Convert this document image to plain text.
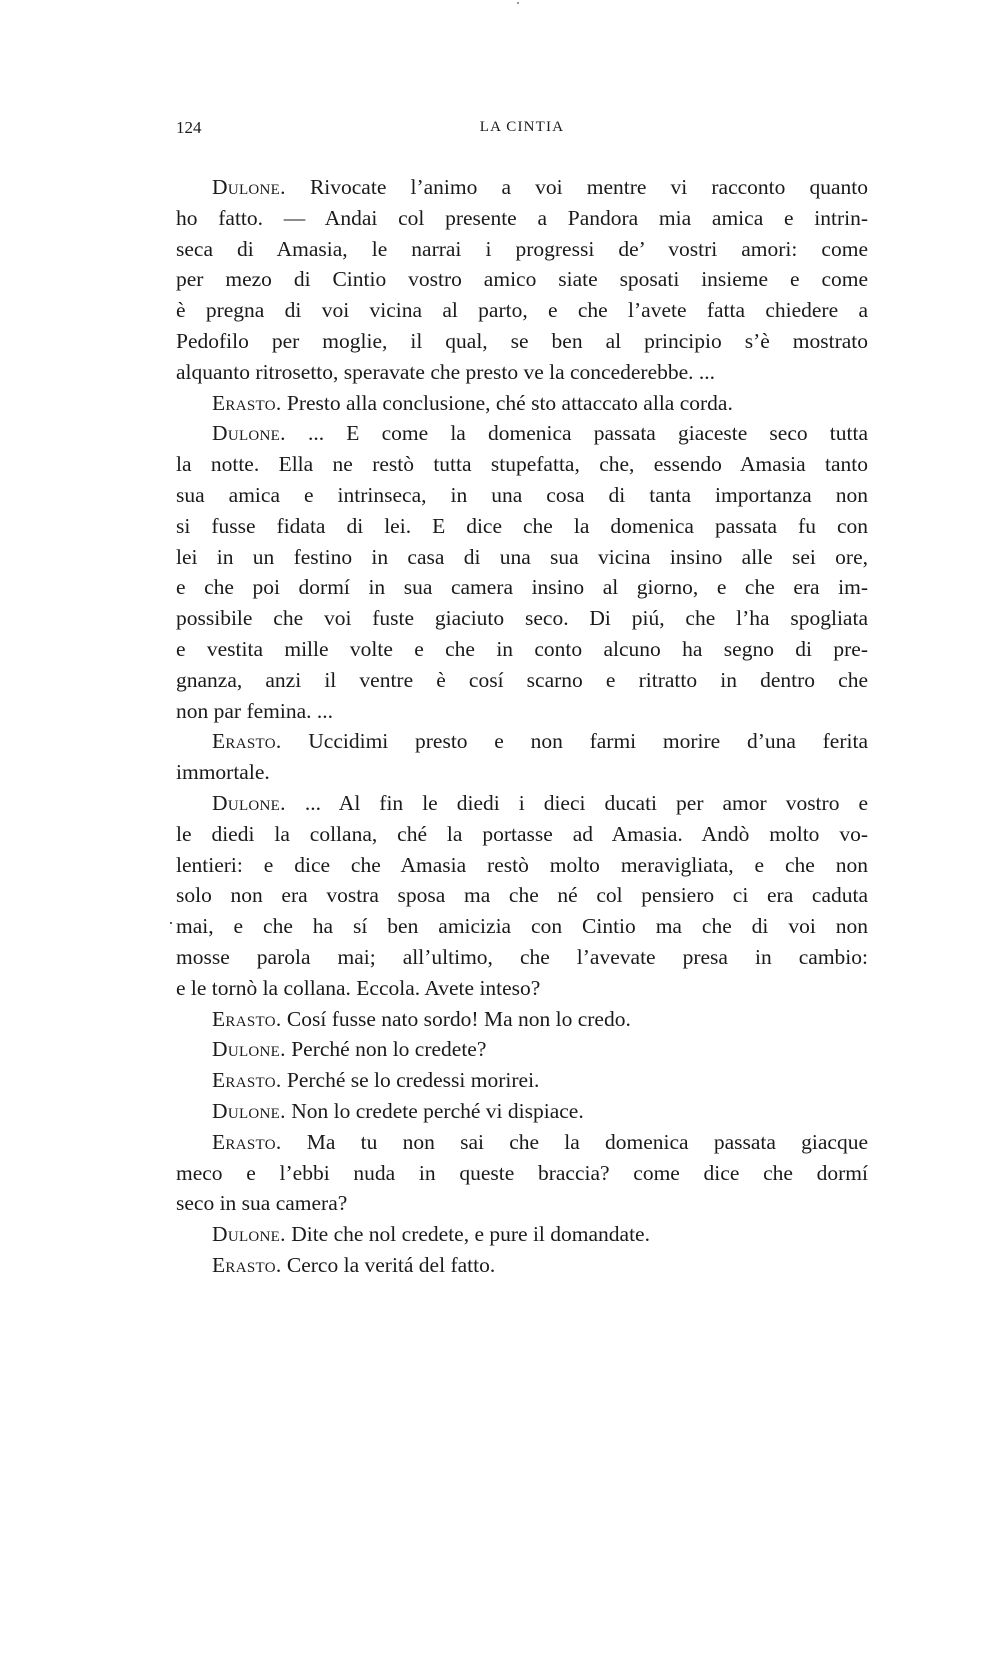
124	LA CINTIA
Dulone. Rivocate l’animo a voi mentre vi racconto quanto
ho fatto. — Andai col presente a Pandora mia amica e intrin-
seca di Amasia, le narrai i progressi de’ vostri amori: come
per mezo di Cintio vostro amico siate sposati insieme e come
è pregna di voi vicina al parto, e che l’avete fatta chiedere a
Pedofilo per moglie, il qual, se ben al principio s’è mostrato
alquanto ritrosetto, speravate che presto ve la concederebbe. ...
Erasto. Presto alla conclusione, ché sto attaccato alla corda.
Dulone. ... E come la domenica passata giaceste seco tutta
la notte. Ella ne restò tutta stupefatta, che, essendo Amasia tanto
sua amica e intrinseca, in una cosa di tanta importanza non
si fusse fidata di lei. E dice che la domenica passata fu con
lei in un festino in casa di una sua vicina insino alle sei ore,
e che poi dormí in sua camera insino al giorno, e che era im-
possibile che voi fuste giaciuto seco. Di piú, che l’ha spogliata
e vestita mille volte e che in conto alcuno ha segno di pre-
gnanza, anzi il ventre è cosí scarno e ritratto in dentro che
non par femina. ...
Erasto. Uccidimi presto e non farmi morire d’una ferita
immortale.
Dulone. ... Al fin le diedi i dieci ducati per amor vostro e
le diedi la collana, ché la portasse ad Amasia. Andò molto vo-
lentieri: e dice che Amasia restò molto meravigliata, e che non
solo non era vostra sposa ma che né col pensiero ci era caduta
mai, e che ha sí ben amicizia con Cintio ma che di voi non
mosse parola mai; all’ultimo, che l’avevate presa in cambio:
e le tornò la collana. Eccola. Avete inteso?
Erasto. Cosí fusse nato sordo! Ma non lo credo.
Dulone. Perché non lo credete?
Erasto. Perché se lo credessi morirei.
Dulone. Non lo credete perché vi dispiace.
Erasto. Ma tu non sai che la domenica passata giacque
meco e l’ebbi nuda in queste braccia? come dice che dormí
seco in sua camera?
Dulone. Dite che nol credete, e pure il domandate.
Erasto. Cerco la veritá del fatto.
